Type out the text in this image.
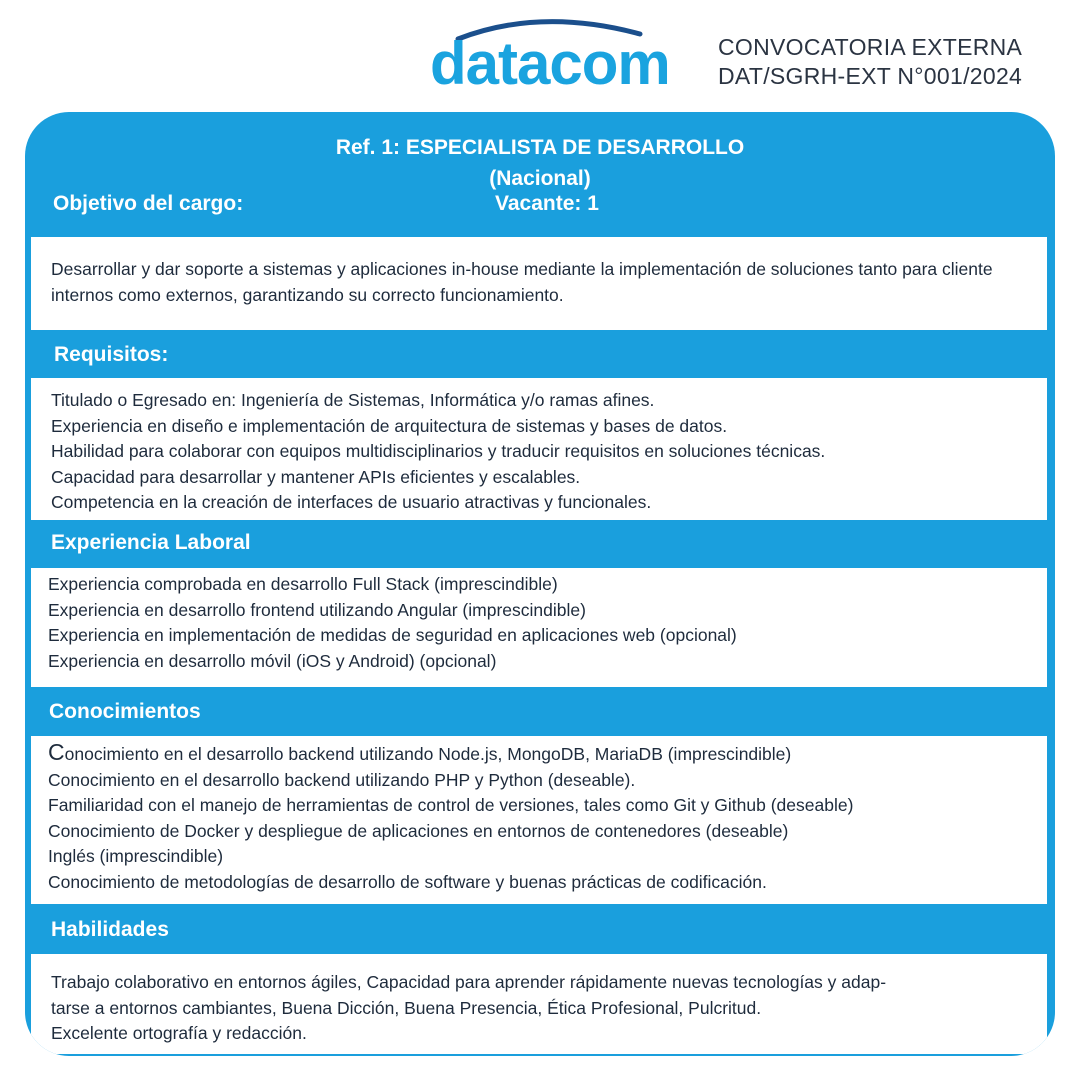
datacom CONVOCATORIA EXTERNA
DAT/SGRH-EXT N°001/2024
Ref. 1: ESPECIALISTA DE DESARROLLO
(Nacional)
Objetivo del cargo:	Vacante: 1

Desarrollar y dar soporte a sistemas y aplicaciones in-house mediante la implementación de soluciones tanto para cliente internos como externos, garantizando su correcto funcionamiento.

Requisitos:
Titulado o Egresado en: Ingeniería de Sistemas, Informática y/o ramas afines.
Experiencia en diseño e implementación de arquitectura de sistemas y bases de datos.
Habilidad para colaborar con equipos multidisciplinarios y traducir requisitos en soluciones técnicas.
Capacidad para desarrollar y mantener APIs eficientes y escalables.
Competencia en la creación de interfaces de usuario atractivas y funcionales.
Experiencia Laboral
Experiencia comprobada en desarrollo Full Stack (imprescindible)
Experiencia en desarrollo frontend utilizando Angular (imprescindible)
Experiencia en implementación de medidas de seguridad en aplicaciones web (opcional)
Experiencia en desarrollo móvil (iOS y Android) (opcional)
Conocimientos
Conocimiento en el desarrollo backend utilizando Node.js, MongoDB, MariaDB (imprescindible)
Conocimiento en el desarrollo backend utilizando PHP y Python (deseable).
Familiaridad con el manejo de herramientas de control de versiones, tales como Git y Github (deseable)
Conocimiento de Docker y despliegue de aplicaciones en entornos de contenedores (deseable)
Inglés (imprescindible)
Conocimiento de metodologías de desarrollo de software y buenas prácticas de codificación.
Habilidades
Trabajo colaborativo en entornos ágiles, Capacidad para aprender rápidamente nuevas tecnologías y adap-
tarse a entornos cambiantes, Buena Dicción, Buena Presencia, Ética Profesional, Pulcritud.
Excelente ortografía y redacción.
